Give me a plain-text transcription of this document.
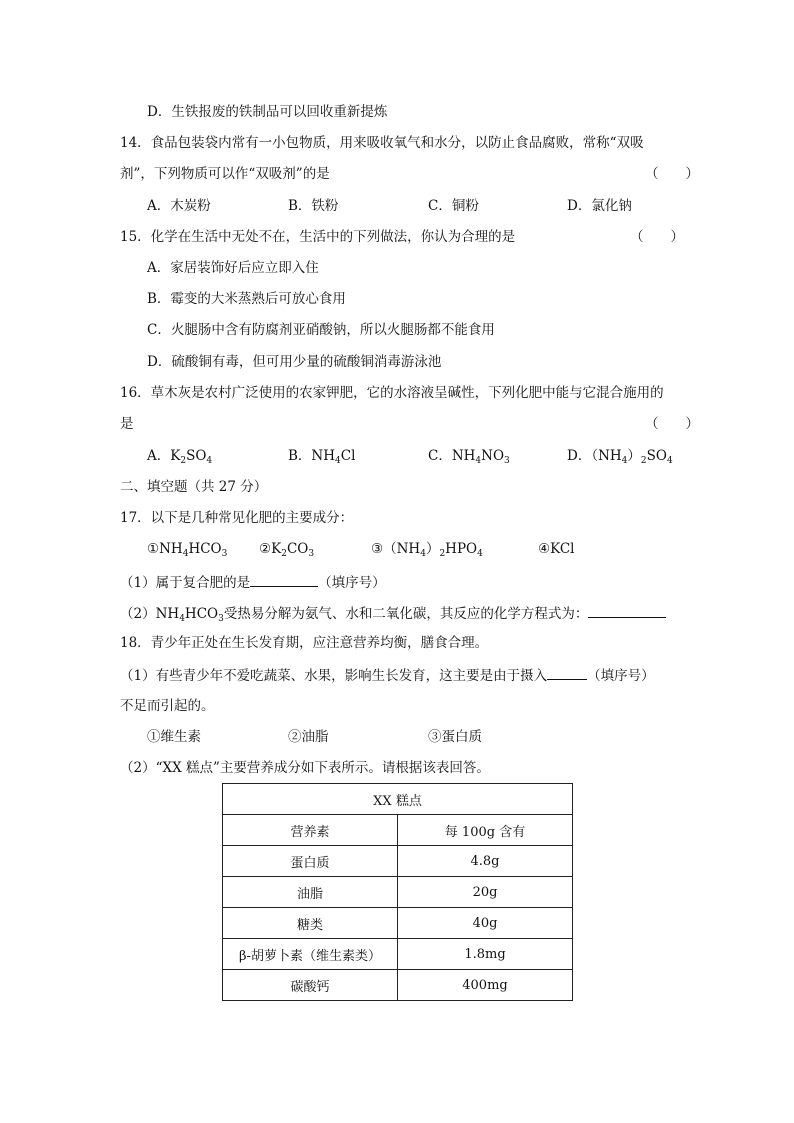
D．生铁报废的铁制品可以回收重新提炼
14．食品包装袋内常有一小包物质，用来吸收氧气和水分，以防止食品腐败，常称“双吸
剂”，下列物质可以作“双吸剂”的是	（　　）
A．木炭粉	B．铁粉	C．铜粉	D．氯化钠
15．化学在生活中无处不在，生活中的下列做法，你认为合理的是	（　　）
A．家居装饰好后应立即入住
B．霉变的大米蒸熟后可放心食用
C．火腿肠中含有防腐剂亚硝酸钠，所以火腿肠都不能食用
D．硫酸铜有毒，但可用少量的硫酸铜消毒游泳池
16．草木灰是农村广泛使用的农家钾肥，它的水溶液呈碱性，下列化肥中能与它混合施用的
是	（　　）
A．$K_2SO_4$	B．$NH_4Cl$	C．$NH_4NO_3$	D．$(NH_4)_2SO_4$
二、填空题（共 27 分）
17．以下是几种常见化肥的主要成分：
$①NH_4HCO_3$ $②K_2CO_3$	$③(NH_4)_2HPO_4$	④KCl
（1）属于复合肥的是	（填序号）
$(2)NH_4HCO_3$受热易分解为氨气、水和二氧化碳，其反应的化学方程式为：
18．青少年正处在生长发育期，应注意营养均衡，膳食合理。
（1）有些青少年不爱吃蔬菜、水果，影响生长发育，这主要是由于摄入	（填序号）
不足而引起的。
①维生素	②油脂	③蛋白质
（2）“XX 糕点”主要营养成分如下表所示。请根据该表回答。
XX 糕点	
营养素	每 100g 含有
蛋白质	4.8g
油脂	20g
糖类	40g
β-胡萝卜素（维生素类）	1.8mg
碳酸钙	400mg
